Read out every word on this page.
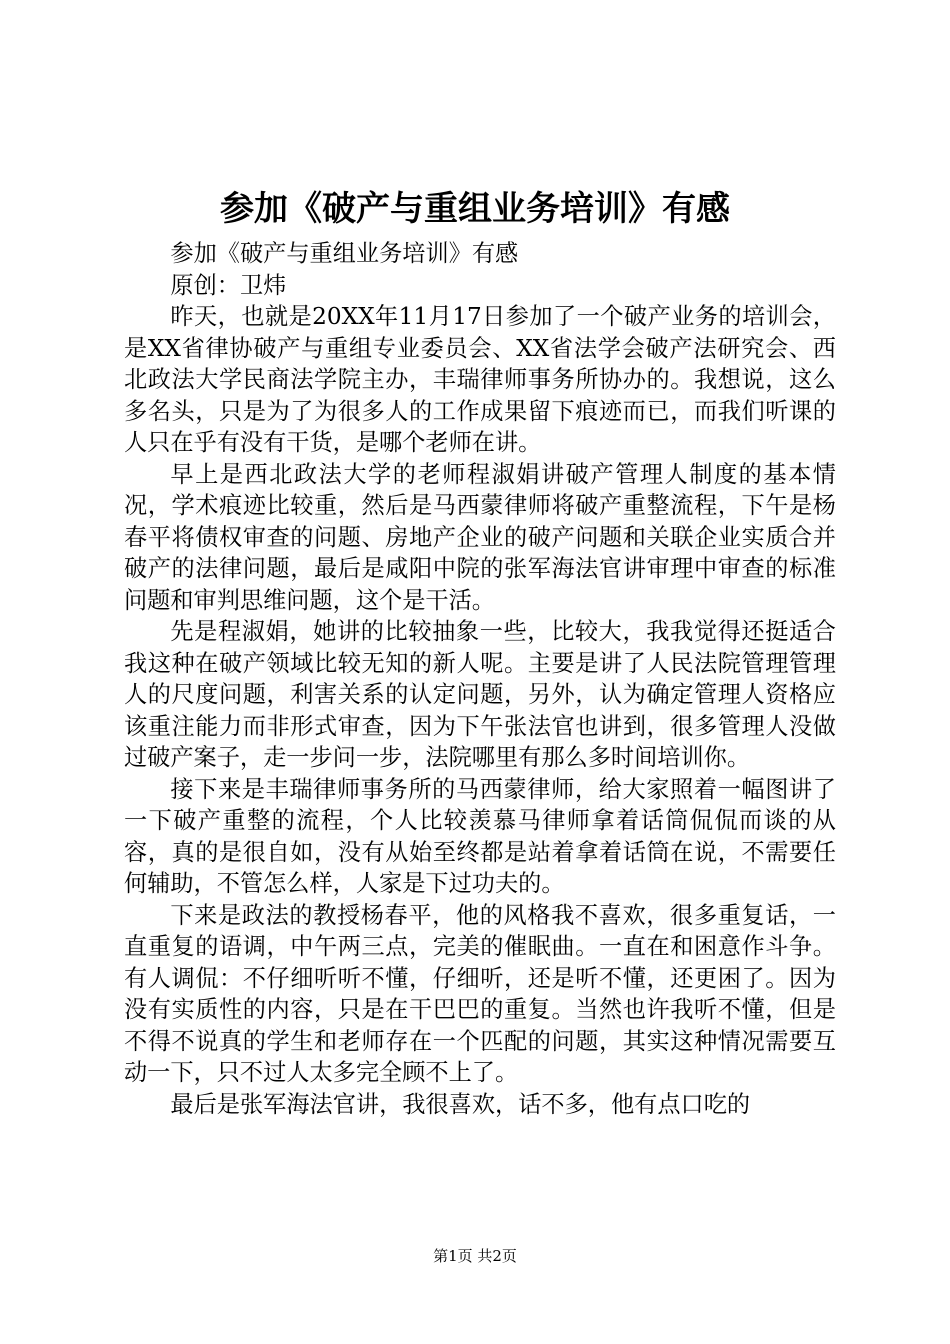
参加《破产与重组业务培训》有感

参加《破产与重组业务培训》有感

原创：卫炜

昨天，也就是20XX年11月17日参加了一个破产业务的培训会，是XX省律协破产与重组专业委员会、XX省法学会破产法研究会、西北政法大学民商法学院主办，丰瑞律师事务所协办的。我想说，这么多名头，只是为了为很多人的工作成果留下痕迹而已，而我们听课的人只在乎有没有干货，是哪个老师在讲。

早上是西北政法大学的老师程淑娟讲破产管理人制度的基本情况，学术痕迹比较重，然后是马西蒙律师将破产重整流程，下午是杨春平将债权审查的问题、房地产企业的破产问题和关联企业实质合并破产的法律问题，最后是咸阳中院的张军海法官讲审理中审查的标准问题和审判思维问题，这个是干活。

先是程淑娟，她讲的比较抽象一些，比较大，我我觉得还挺适合我这种在破产领域比较无知的新人呢。主要是讲了人民法院管理管理人的尺度问题，利害关系的认定问题，另外，认为确定管理人资格应该重注能力而非形式审查，因为下午张法官也讲到，很多管理人没做过破产案子，走一步问一步，法院哪里有那么多时间培训你。

接下来是丰瑞律师事务所的马西蒙律师，给大家照着一幅图讲了一下破产重整的流程，个人比较羡慕马律师拿着话筒侃侃而谈的从容，真的是很自如，没有从始至终都是站着拿着话筒在说，不需要任何辅助，不管怎么样，人家是下过功夫的。

下来是政法的教授杨春平，他的风格我不喜欢，很多重复话，一直重复的语调，中午两三点，完美的催眠曲。一直在和困意作斗争。有人调侃：不仔细听听不懂，仔细听，还是听不懂，还更困了。因为没有实质性的内容，只是在干巴巴的重复。当然也许我听不懂，但是不得不说真的学生和老师存在一个匹配的问题，其实这种情况需要互动一下，只不过人太多完全顾不上了。

最后是张军海法官讲，我很喜欢，话不多，他有点口吃的

第1页 共2页
